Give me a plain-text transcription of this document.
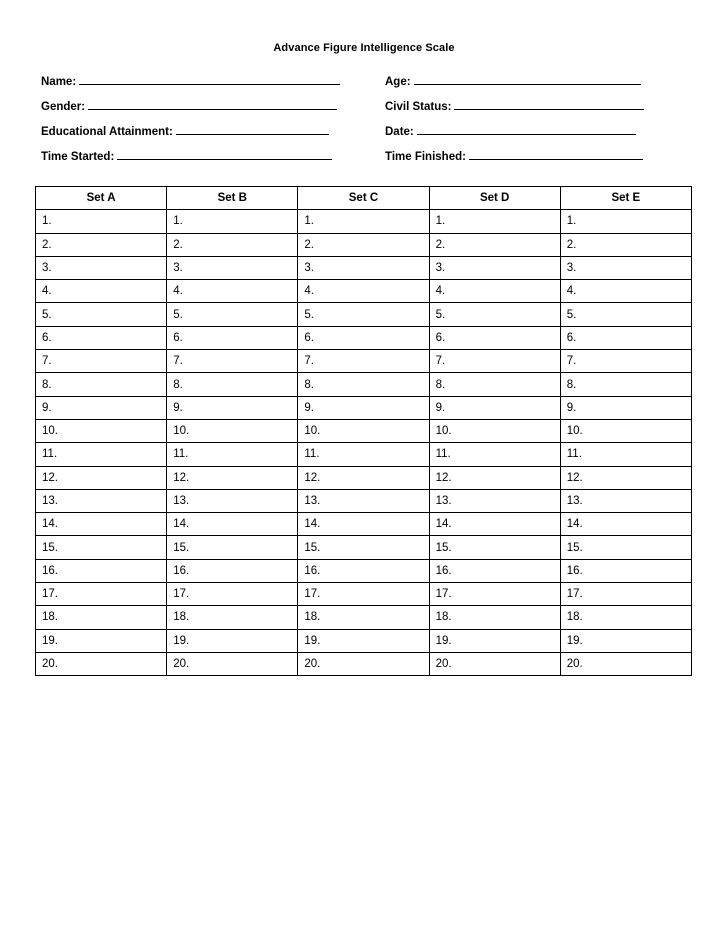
Advance Figure Intelligence Scale
Name:	Age:
Gender:	Civil Status:
Educational Attainment:	Date:
Time Started:	Time Finished:
Set A	Set B	Set C	Set D	Set E
1.	1.	1.	1.	1.
2.	2.	2.	2.	2.
3.	3.	3.	3.	3.
4.	4.	4.	4.	4.
5.	5.	5.	5.	5.
6.	6.	6.	6.	6.
7.	7.	7.	7.	7.
8.	8.	8.	8.	8.
9.	9.	9.	9.	9.
10.	10.	10.	10.	10.
11.	11.	11.	11.	11.
12.	12.	12.	12.	12.
13.	13.	13.	13.	13.
14.	14.	14.	14.	14.
15.	15.	15.	15.	15.
16.	16.	16.	16.	16.
17.	17.	17.	17.	17.
18.	18.	18.	18.	18.
19.	19.	19.	19.	19.
20.	20.	20.	20.	20.
